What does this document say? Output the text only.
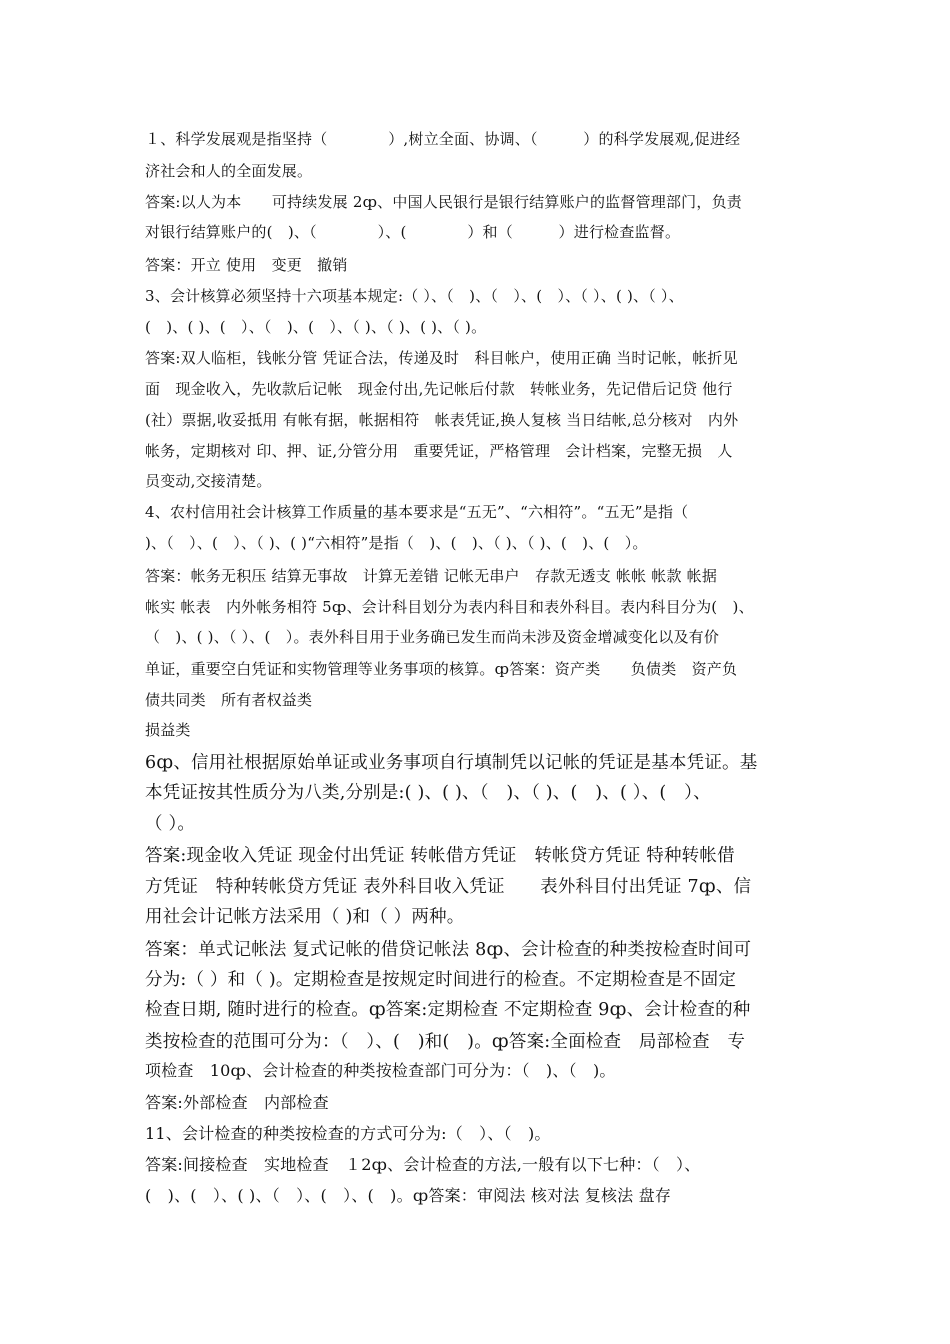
１、科学发展观是指坚持（　　　　）,树立全面、协调、（　　　）的科学发展观,促进经
济社会和人的全面发展。
答案:以人为本　　可持续发展 2ȹ、中国人民银行是银行结算账户的监督管理部门，负责
对银行结算账户的(　)、（　　　　）、(　　　　）和（　　　）进行检查监督。
答案：开立 使用　变更　撤销
3、会计核算必须坚持十六项基本规定:（ ）、（　)、（　）、(　）、（ ）、( )、（ ）、
(　)、( )、(　）、（　)、(　）、（ )、（ )、( )、（ )。
答案:双人临柜，钱帐分管 凭证合法，传递及时　科目帐户，使用正确 当时记帐，帐折见
面　现金收入，先收款后记帐　现金付出,先记帐后付款　转帐业务，先记借后记贷 他行
(社）票据,收妥抵用 有帐有据，帐据相符　帐表凭证,换人复核 当日结帐,总分核对　内外
帐务，定期核对 印、押、证,分管分用　重要凭证，严格管理　会计档案，完整无损　人
员变动,交接清楚。
4、农村信用社会计核算工作质量的基本要求是“五无”、“六相符”。“五无”是指（
)、（　）、(　）、（ )、( )“六相符”是指（　)、(　)、（ )、（ )、(　)、(　）。
答案：帐务无积压 结算无事故　计算无差错 记帐无串户　存款无透支 帐帐 帐款 帐据
帐实 帐表　内外帐务相符 5ȹ、会计科目划分为表内科目和表外科目。表内科目分为(　)、
（　)、( )、（ ）、(　）。表外科目用于业务确已发生而尚未涉及资金增减变化以及有价
单证，重要空白凭证和实物管理等业务事项的核算。ȹ答案：资产类　　负债类　资产负
债共同类　所有者权益类
损益类
6ȹ、信用社根据原始单证或业务事项自行填制凭以记帐的凭证是基本凭证。基
本凭证按其性质分为八类,分别是:( )、( )、（　)、（ )、(　)、( ）、(　）、
（ ）。
答案:现金收入凭证 现金付出凭证 转帐借方凭证　转帐贷方凭证 特种转帐借
方凭证　特种转帐贷方凭证 表外科目收入凭证　　表外科目付出凭证 7ȹ、信
用社会计记帐方法采用（ )和（ ）两种。
答案：单式记帐法 复式记帐的借贷记帐法 8ȹ、会计检查的种类按检查时间可
分为:（ ）和（ )。定期检查是按规定时间进行的检查。不定期检查是不固定
检查日期, 随时进行的检查。ȹ答案:定期检查 不定期检查 9ȹ、会计检查的种
类按检查的范围可分为：（　）、(　)和(　)。ȹ答案:全面检查　局部检查　专
项检查　10ȹ、会计检查的种类按检查部门可分为：（　)、（　)。
答案:外部检查　内部检查
11、会计检查的种类按检查的方式可分为:（　）、（　)。
答案:间接检查　实地检查　１2ȹ、会计检查的方法,一般有以下七种：（　）、
(　)、(　）、( )、（　）、(　）、(　)。ȹ答案：审阅法 核对法 复核法 盘存
